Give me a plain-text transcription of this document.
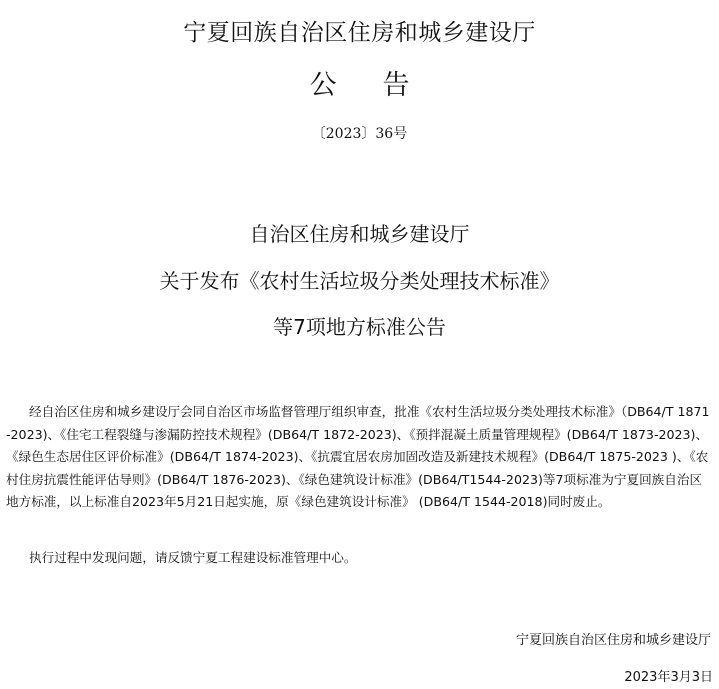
宁夏回族自治区住房和城乡建设厅
公 告
〔2023〕36号
自治区住房和城乡建设厅
关于发布《农村生活垃圾分类处理技术标准》
等7项地方标准公告
经自治区住房和城乡建设厅会同自治区市场监督管理厅组织审查，批准《农村生活垃圾分类处理技术标准》（DB64/T 1871-2023)、《住宅工程裂缝与渗漏防控技术规程》(DB64/T 1872-2023)、《预拌混凝土质量管理规程》(DB64/T 1873-2023)、《绿色生态居住区评价标准》(DB64/T 1874-2023)、《抗震宜居农房加固改造及新建技术规程》(DB64/T 1875-2023 )、《农村住房抗震性能评估导则》(DB64/T 1876-2023)、《绿色建筑设计标准》(DB64/T1544-2023)等7项标准为宁夏回族自治区地方标准，以上标准自2023年5月21日起实施，原《绿色建筑设计标准》 (DB64/T 1544-2018)同时废止。
执行过程中发现问题，请反馈宁夏工程建设标准管理中心。
宁夏回族自治区住房和城乡建设厅
2023年3月3日
